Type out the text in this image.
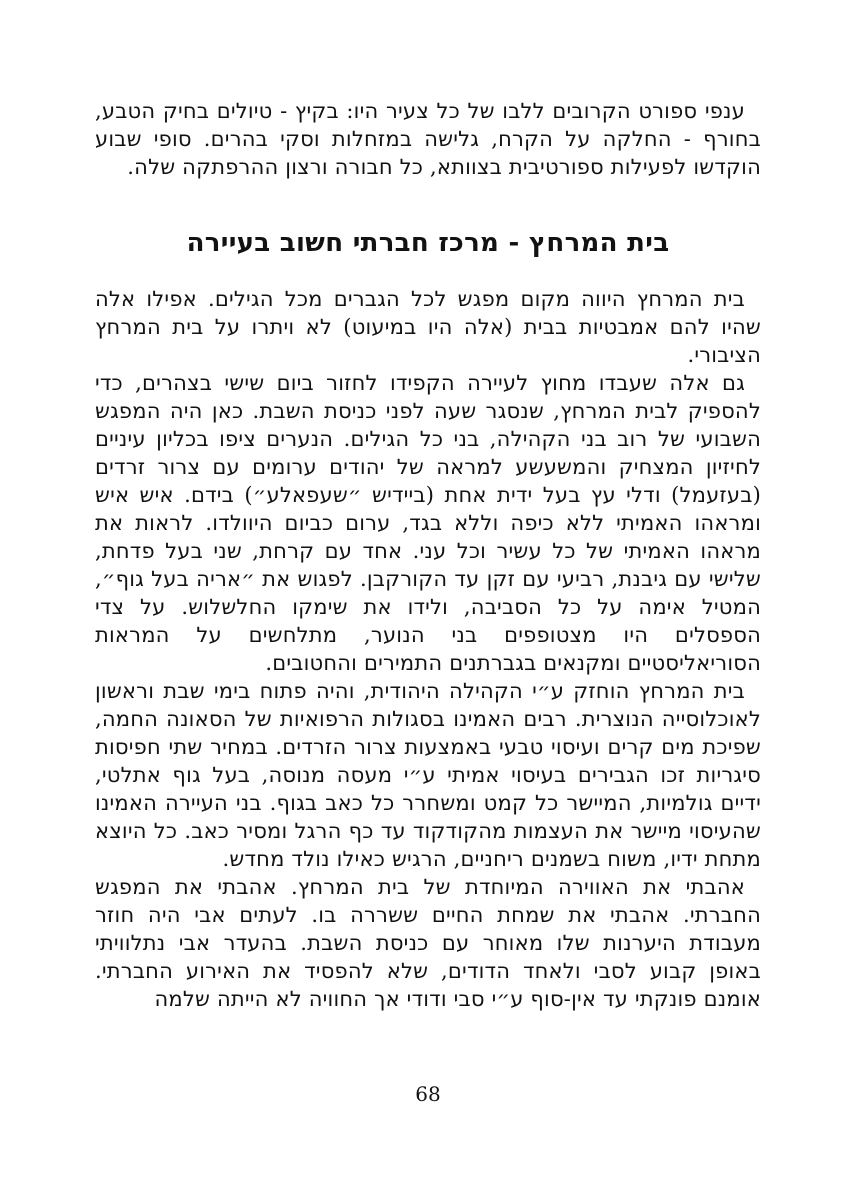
ענפי ספורט הקרובים ללבו של כל צעיר היו: בקיץ - טיולים בחיק הטבע, בחורף - החלקה על הקרח, גלישה במזחלות וסקי בהרים. סופי שבוע הוקדשו לפעילות ספורטיבית בצוותא, כל חבורה ורצון ההרפתקה שלה.

בית המרחץ - מרכז חברתי חשוב בעיירה

בית המרחץ היווה מקום מפגש לכל הגברים מכל הגילים. אפילו אלה שהיו להם אמבטיות בבית (אלה היו במיעוט) לא ויתרו על בית המרחץ הציבורי.

גם אלה שעבדו מחוץ לעיירה הקפידו לחזור ביום שישי בצהרים, כדי להספיק לבית המרחץ, שנסגר שעה לפני כניסת השבת. כאן היה המפגש השבועי של רוב בני הקהילה, בני כל הגילים. הנערים ציפו בכליון עיניים לחיזיון המצחיק והמשעשע למראה של יהודים ערומים עם צרור זרדים (בעזעמל) ודלי עץ בעל ידית אחת (ביידיש ״שעפאלע״) בידם. איש איש ומראהו האמיתי ללא כיפה וללא בגד, ערום כביום היוולדו. לראות את מראהו האמיתי של כל עשיר וכל עני. אחד עם קרחת, שני בעל פדחת, שלישי עם גיבנת, רביעי עם זקן עד הקורקבן. לפגוש את ״אריה בעל גוף״, המטיל אימה על כל הסביבה, ולידו את שימקו החלשלוש. על צדי הספסלים היו מצטופפים בני הנוער, מתלחשים על המראות הסוריאליסטיים ומקנאים בגברתנים התמירים והחטובים.

בית המרחץ הוחזק ע״י הקהילה היהודית, והיה פתוח בימי שבת וראשון לאוכלוסייה הנוצרית. רבים האמינו בסגולות הרפואיות של הסאונה החמה, שפיכת מים קרים ועיסוי טבעי באמצעות צרור הזרדים. במחיר שתי חפיסות סיגריות זכו הגבירים בעיסוי אמיתי ע״י מעסה מנוסה, בעל גוף אתלטי, ידיים גולמיות, המיישר כל קמט ומשחרר כל כאב בגוף. בני העיירה האמינו שהעיסוי מיישר את העצמות מהקודקוד עד כף הרגל ומסיר כאב. כל היוצא מתחת ידיו, משוח בשמנים ריחניים, הרגיש כאילו נולד מחדש.

אהבתי את האווירה המיוחדת של בית המרחץ. אהבתי את המפגש החברתי. אהבתי את שמחת החיים ששררה בו. לעתים אבי היה חוזר מעבודת היערנות שלו מאוחר עם כניסת השבת. בהעדר אבי נתלוויתי באופן קבוע לסבי ולאחד הדודים, שלא להפסיד את האירוע החברתי. אומנם פונקתי עד אין-סוף ע״י סבי ודודי אך החוויה לא הייתה שלמה

68
